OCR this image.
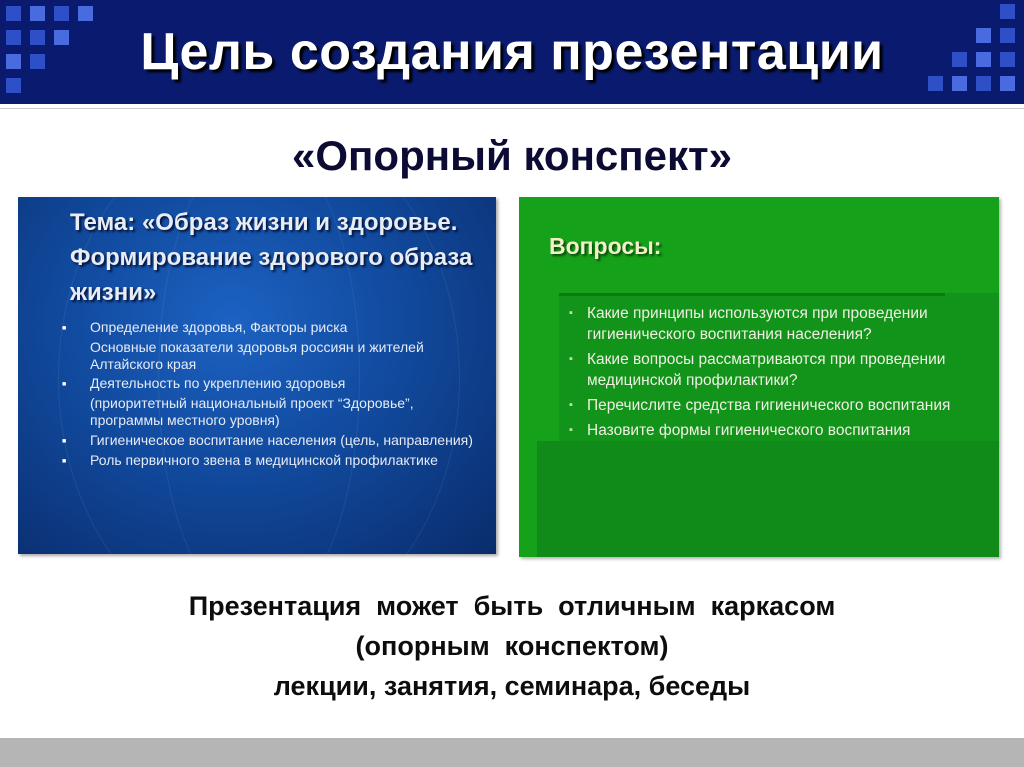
Цель создания презентации
«Опорный конспект»
Тема: «Образ жизни и здоровье. Формирование здорового образа жизни»
■ Определение здоровья, Факторы риска
Основные показатели здоровья россиян и жителей Алтайского края
■ Деятельность по укреплению здоровья
(приоритетный национальный проект “Здоровье”, программы местного уровня)
■ Гигиеническое воспитание населения (цель, направления)
■ Роль первичного звена в медицинской профилактике
Вопросы:
▪ Какие принципы используются при проведении гигиенического воспитания населения?
▪ Какие вопросы рассматриваются при проведении медицинской профилактики?
▪ Перечислите средства гигиенического воспитания
▪ Назовите формы гигиенического воспитания
Презентация  может  быть  отличным  каркасом
(опорным  конспектом)
лекции, занятия, семинара, беседы
